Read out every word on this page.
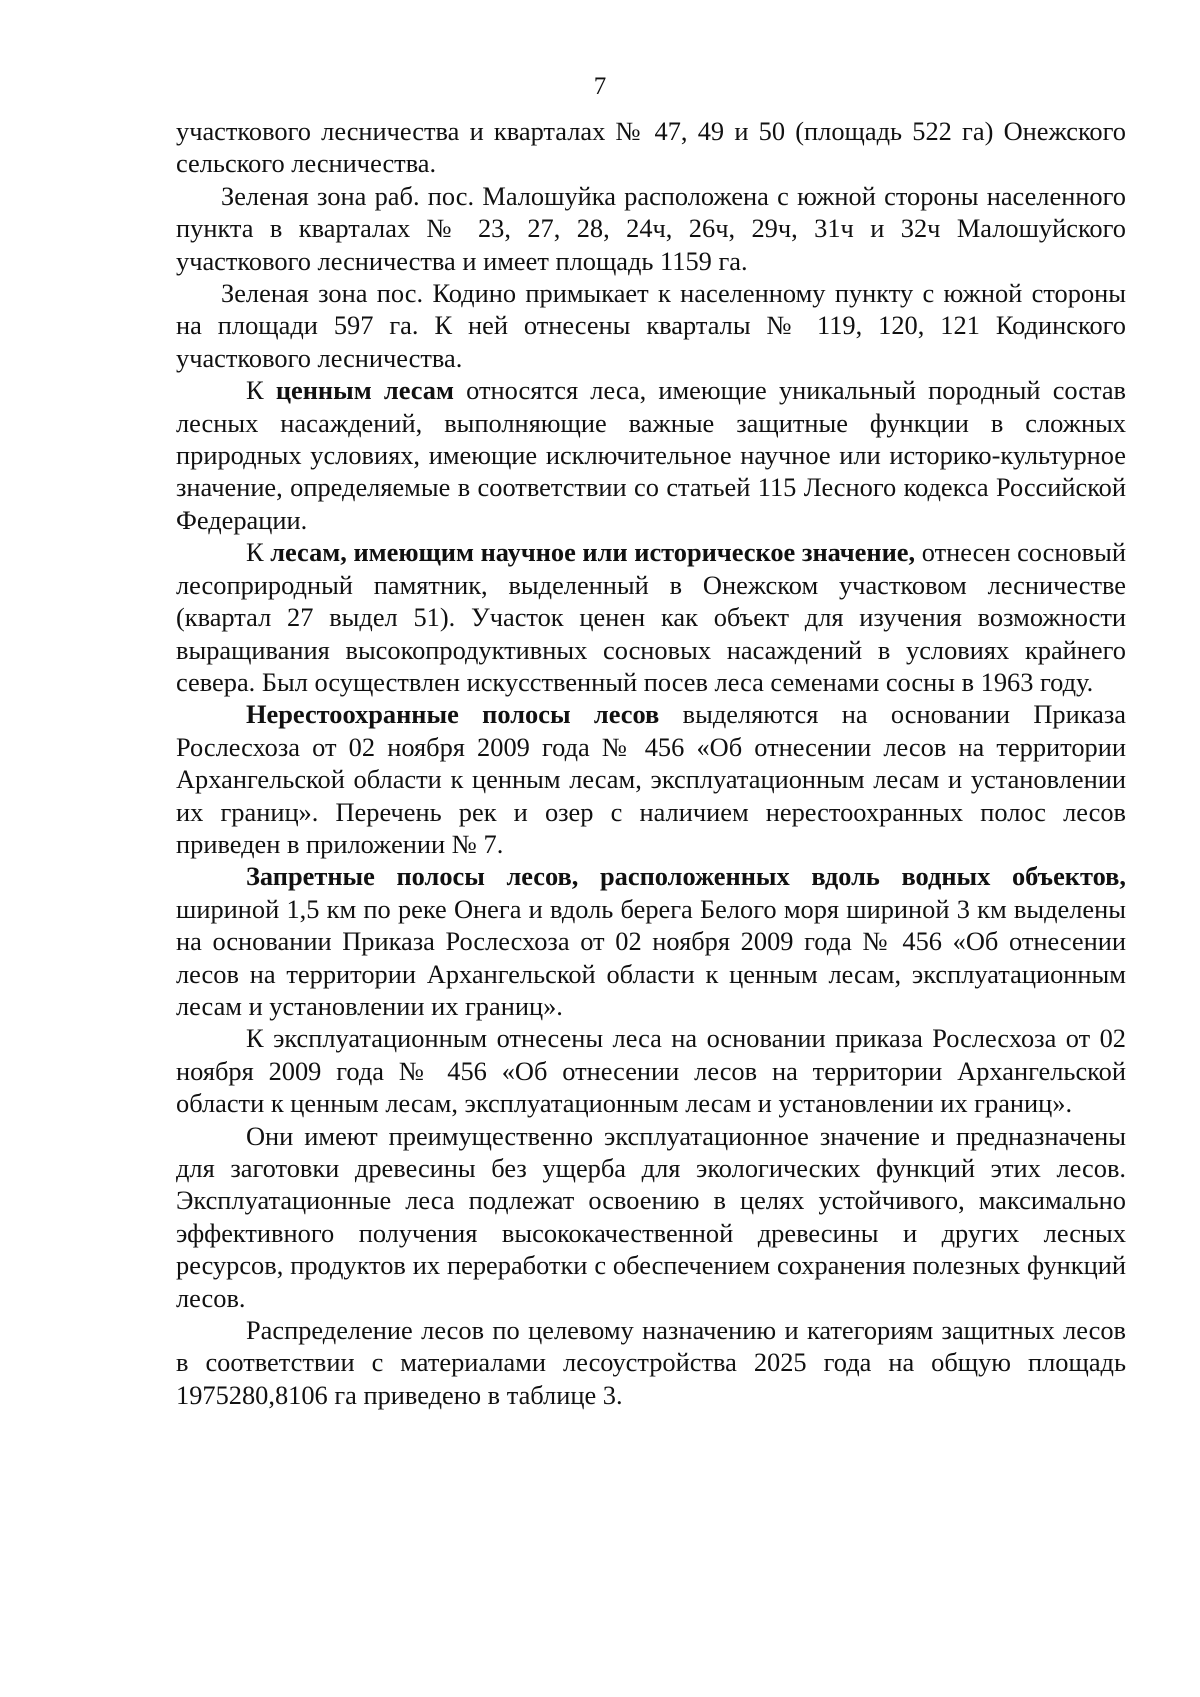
7

участкового лесничества и кварталах № 47, 49 и 50 (площадь 522 га) Онежского сельского лесничества.

Зеленая зона раб. пос. Малошуйка расположена с южной стороны населенного пункта в кварталах № 23, 27, 28, 24ч, 26ч, 29ч, 31ч и 32ч Малошуйского участкового лесничества и имеет площадь 1159 га.

Зеленая зона пос. Кодино примыкает к населенному пункту с южной стороны на площади 597 га. К ней отнесены кварталы № 119, 120, 121 Кодинского участкового лесничества.

К ценным лесам относятся леса, имеющие уникальный породный состав лесных насаждений, выполняющие важные защитные функции в сложных природных условиях, имеющие исключительное научное или историко-культурное значение, определяемые в соответствии со статьей 115 Лесного кодекса Российской Федерации.

К лесам, имеющим научное или историческое значение, отнесен сосновый лесоприродный памятник, выделенный в Онежском участковом лесничестве (квартал 27 выдел 51). Участок ценен как объект для изучения возможности выращивания высокопродуктивных сосновых насаждений в условиях крайнего севера. Был осуществлен искусственный посев леса семенами сосны в 1963 году.

Нерестоохранные полосы лесов выделяются на основании Приказа Рослесхоза от 02 ноября 2009 года № 456 «Об отнесении лесов на территории Архангельской области к ценным лесам, эксплуатационным лесам и установлении их границ». Перечень рек и озер с наличием нерестоохранных полос лесов приведен в приложении № 7.

Запретные полосы лесов, расположенных вдоль водных объектов, шириной 1,5 км по реке Онега и вдоль берега Белого моря шириной 3 км выделены на основании Приказа Рослесхоза от 02 ноября 2009 года № 456 «Об отнесении лесов на территории Архангельской области к ценным лесам, эксплуатационным лесам и установлении их границ».

К эксплуатационным отнесены леса на основании приказа Рослесхоза от 02 ноября 2009 года № 456 «Об отнесении лесов на территории Архангельской области к ценным лесам, эксплуатационным лесам и установлении их границ».

Они имеют преимущественно эксплуатационное значение и предназначены для заготовки древесины без ущерба для экологических функций этих лесов. Эксплуатационные леса подлежат освоению в целях устойчивого, максимально эффективного получения высококачественной древесины и других лесных ресурсов, продуктов их переработки с обеспечением сохранения полезных функций лесов.

Распределение лесов по целевому назначению и категориям защитных лесов в соответствии с материалами лесоустройства 2025 года на общую площадь 1975280,8106 га приведено в таблице 3.
